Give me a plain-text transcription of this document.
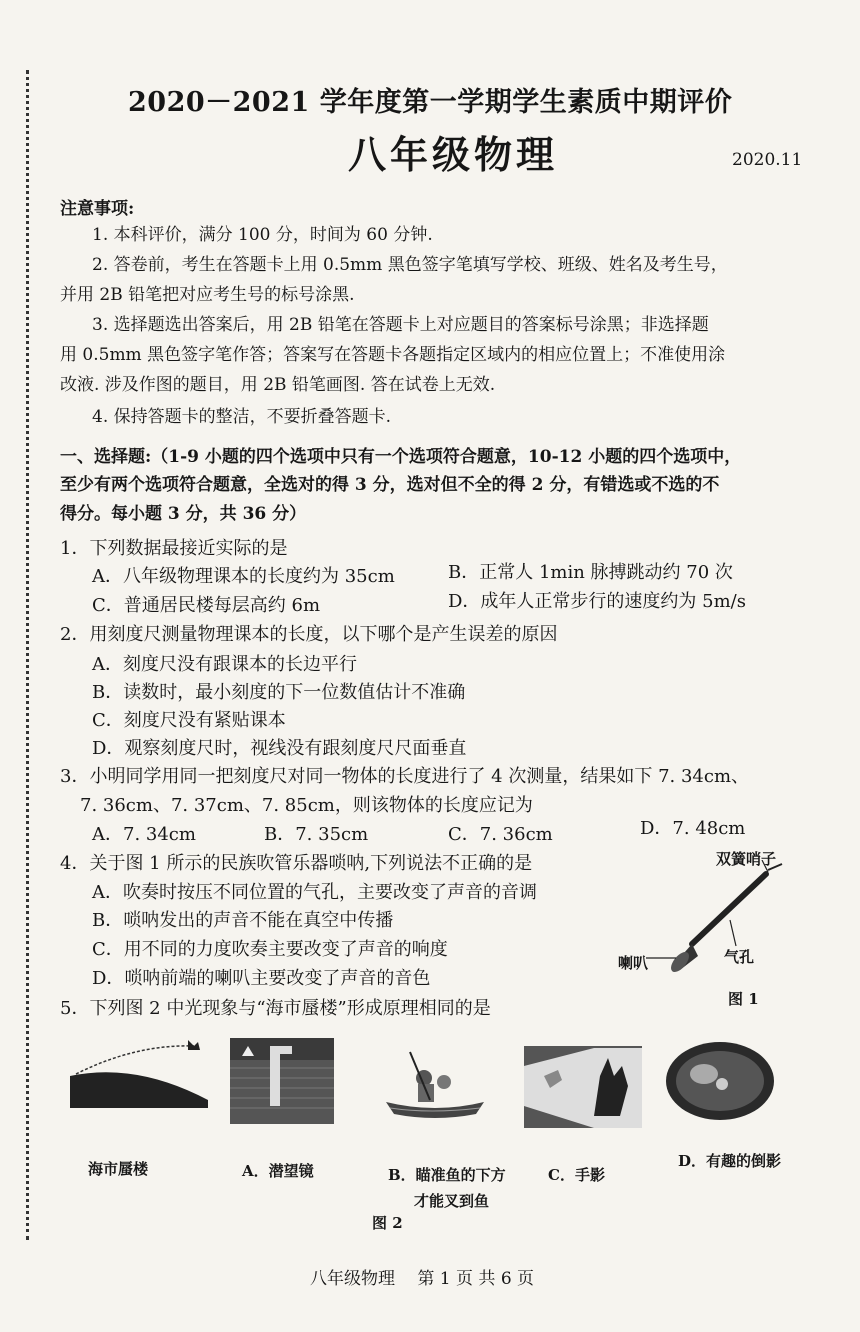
2020－2021 学年度第一学期学生素质中期评价
八年级物理	2020.11
注意事项:
1. 本科评价，满分 100 分，时间为 60 分钟.
2. 答卷前，考生在答题卡上用 0.5mm 黑色签字笔填写学校、班级、姓名及考生号，
并用 2B 铅笔把对应考生号的标号涂黑.
3. 选择题选出答案后，用 2B 铅笔在答题卡上对应题目的答案标号涂黑；非选择题
用 0.5mm 黑色签字笔作答；答案写在答题卡各题指定区域内的相应位置上；不准使用涂
改液. 涉及作图的题目，用 2B 铅笔画图. 答在试卷上无效.
4. 保持答题卡的整洁，不要折叠答题卡.
一、选择题:（1-9 小题的四个选项中只有一个选项符合题意，10-12 小题的四个选项中，
至少有两个选项符合题意，全选对的得 3 分，选对但不全的得 2 分，有错选或不选的不
得分。每小题 3 分，共 36 分）
1．下列数据最接近实际的是
A．八年级物理课本的长度约为 35cm	B．正常人 1min 脉搏跳动约 70 次
C．普通居民楼每层高约 6m	D．成年人正常步行的速度约为 5m/s
2．用刻度尺测量物理课本的长度，以下哪个是产生误差的原因
A．刻度尺没有跟课本的长边平行
B．读数时，最小刻度的下一位数值估计不准确
C．刻度尺没有紧贴课本
D．观察刻度尺时，视线没有跟刻度尺尺面垂直
3．小明同学用同一把刻度尺对同一物体的长度进行了 4 次测量，结果如下 7. 34cm、
7. 36cm、7. 37cm、7. 85cm，则该物体的长度应记为
A．7. 34cm	B．7. 35cm	C．7. 36cm	D．7. 48cm
4．关于图 1 所示的民族吹管乐器唢呐,下列说法不正确的是
A．吹奏时按压不同位置的气孔，主要改变了声音的音调
B．唢呐发出的声音不能在真空中传播
C．用不同的力度吹奏主要改变了声音的响度
D．唢呐前端的喇叭主要改变了声音的音色
双簧哨子
喇叭	气孔
图 1
5．下列图 2 中光现象与“海市蜃楼”形成原理相同的是
海市蜃楼	A．潜望镜	B．瞄准鱼的下方
才能叉到鱼
C．手影
D．有趣的倒影
图 2
八年级物理　 第 1 页 共 6 页
